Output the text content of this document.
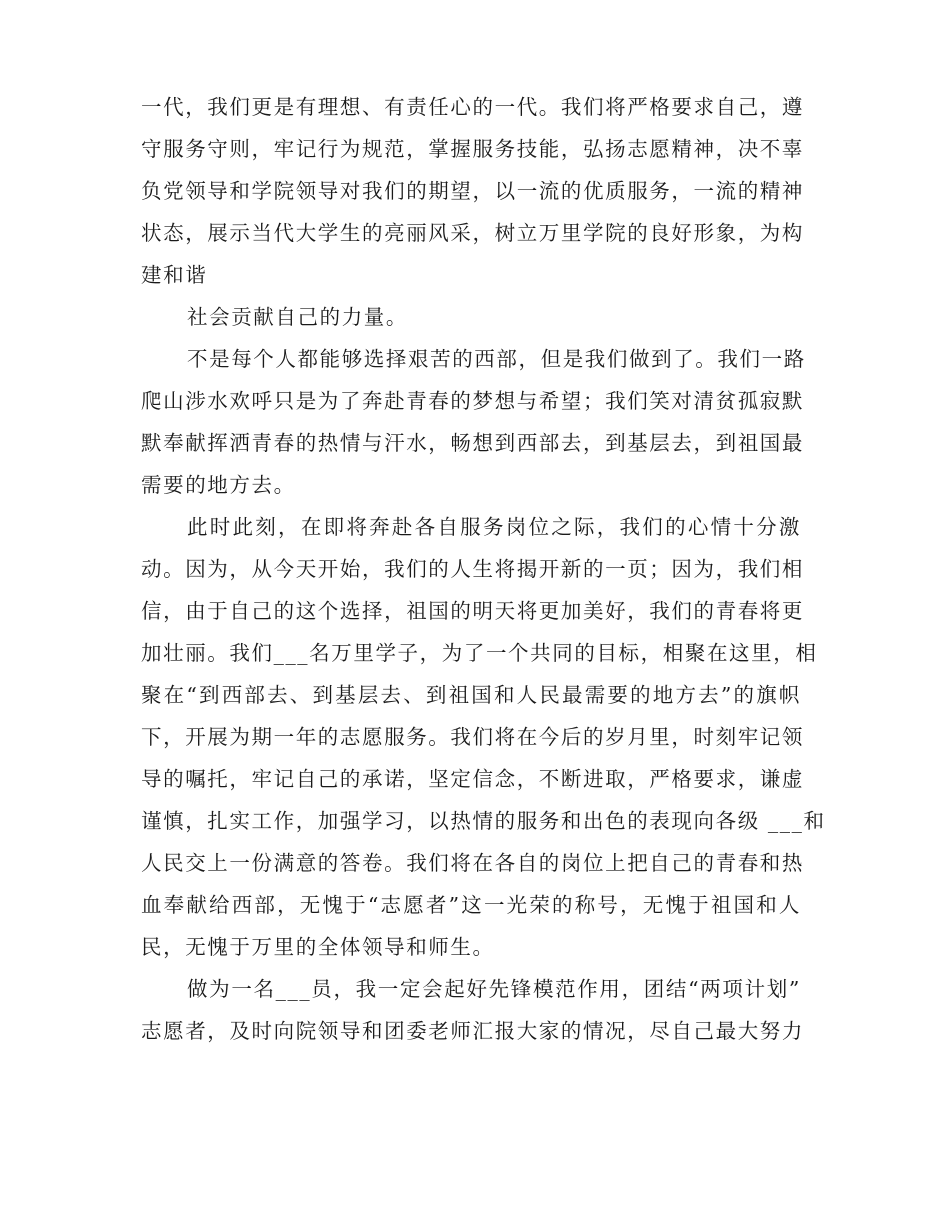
一代，我们更是有理想、有责任心的一代。我们将严格要求自己，遵
守服务守则，牢记行为规范，掌握服务技能，弘扬志愿精神，决不辜
负党领导和学院领导对我们的期望，以一流的优质服务，一流的精神
状态，展示当代大学生的亮丽风采，树立万里学院的良好形象，为构
建和谐
社会贡献自己的力量。
不是每个人都能够选择艰苦的西部，但是我们做到了。我们一路
爬山涉水欢呼只是为了奔赴青春的梦想与希望；我们笑对清贫孤寂默
默奉献挥洒青春的热情与汗水，畅想到西部去，到基层去，到祖国最
需要的地方去。
此时此刻，在即将奔赴各自服务岗位之际，我们的心情十分激
动。因为，从今天开始，我们的人生将揭开新的一页；因为，我们相
信，由于自己的这个选择，祖国的明天将更加美好，我们的青春将更
加壮丽。我们___名万里学子，为了一个共同的目标，相聚在这里，相
聚在“到西部去、到基层去、到祖国和人民最需要的地方去”的旗帜
下，开展为期一年的志愿服务。我们将在今后的岁月里，时刻牢记领
导的嘱托，牢记自己的承诺，坚定信念，不断进取，严格要求，谦虚
谨慎，扎实工作，加强学习，以热情的服务和出色的表现向各级 ___和
人民交上一份满意的答卷。我们将在各自的岗位上把自己的青春和热
血奉献给西部，无愧于“志愿者”这一光荣的称号，无愧于祖国和人
民，无愧于万里的全体领导和师生。
做为一名___员，我一定会起好先锋模范作用，团结“两项计划”
志愿者，及时向院领导和团委老师汇报大家的情况，尽自己最大努力
